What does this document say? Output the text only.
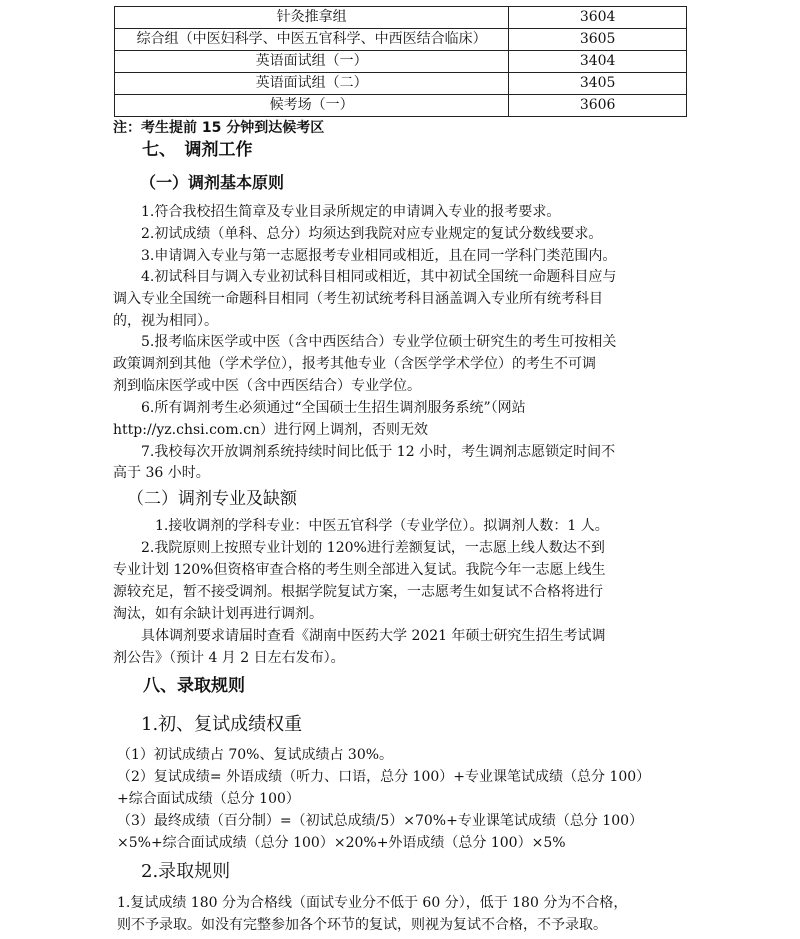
针灸推拿组	3604
综合组（中医妇科学、中医五官科学、中西医结合临床）	3605
英语面试组（一）	3404
英语面试组（二）	3405
候考场（一）	3606
注：考生提前 15 分钟到达候考区
七、　调剂工作
（一）调剂基本原则
1.符合我校招生简章及专业目录所规定的申请调入专业的报考要求。
2.初试成绩（单科、总分）均须达到我院对应专业规定的复试分数线要求。
3.申请调入专业与第一志愿报考专业相同或相近，且在同一学科门类范围内。
4.初试科目与调入专业初试科目相同或相近，其中初试全国统一命题科目应与
调入专业全国统一命题科目相同（考生初试统考科目涵盖调入专业所有统考科目
的，视为相同）。
5.报考临床医学或中医（含中西医结合）专业学位硕士研究生的考生可按相关
政策调剂到其他（学术学位），报考其他专业（含医学学术学位）的考生不可调
剂到临床医学或中医（含中西医结合）专业学位。
6.所有调剂考生必须通过“全国硕士生招生调剂服务系统”（网站
http://yz.chsi.com.cn）进行网上调剂，否则无效
7.我校每次开放调剂系统持续时间比低于 12 小时，考生调剂志愿锁定时间不
高于 36 小时。
（二）调剂专业及缺额
1.接收调剂的学科专业：中医五官科学（专业学位）。拟调剂人数：1 人。
2.我院原则上按照专业计划的 120%进行差额复试，一志愿上线人数达不到
专业计划 120%但资格审查合格的考生则全部进入复试。我院今年一志愿上线生
源较充足，暂不接受调剂。根据学院复试方案，一志愿考生如复试不合格将进行
淘汰，如有余缺计划再进行调剂。
具体调剂要求请届时查看《湖南中医药大学 2021 年硕士研究生招生考试调
剂公告》（预计 4 月 2 日左右发布）。
八、录取规则
1.初、复试成绩权重
（1）初试成绩占 70%、复试成绩占 30%。
（2）复试成绩= 外语成绩（听力、口语，总分 100）+专业课笔试成绩（总分 100）
+综合面试成绩（总分 100）
（3）最终成绩（百分制）=（初试总成绩/5）×70%+专业课笔试成绩（总分 100）
×5%+综合面试成绩（总分 100）×20%+外语成绩（总分 100）×5%
2.录取规则
1.复试成绩 180 分为合格线（面试专业分不低于 60 分），低于 180 分为不合格，
则不予录取。如没有完整参加各个环节的复试，则视为复试不合格，不予录取。
